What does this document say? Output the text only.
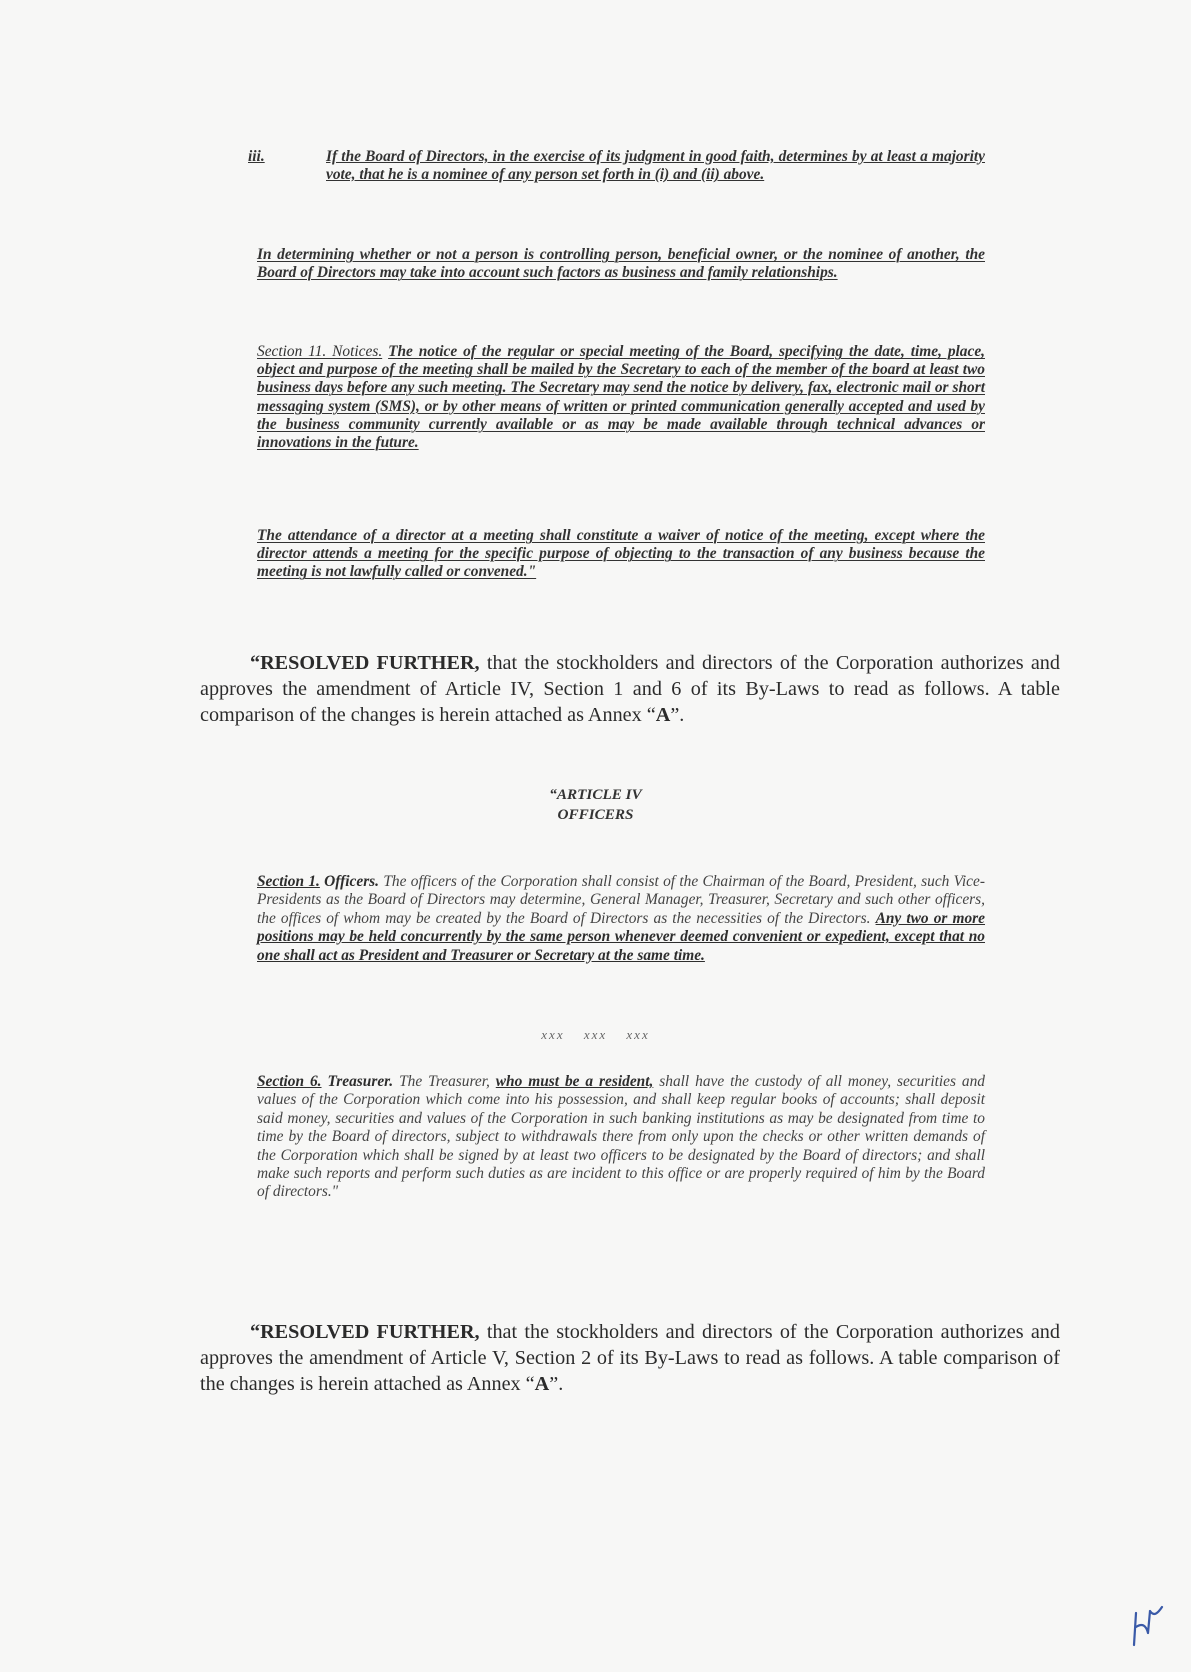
iii.	If the Board of Directors, in the exercise of its judgment in good faith, determines by at least a majority vote, that he is a nominee of any person set forth in (i) and (ii) above.
In determining whether or not a person is controlling person, beneficial owner, or the nominee of another, the Board of Directors may take into account such factors as business and family relationships.
Section 11. Notices. The notice of the regular or special meeting of the Board, specifying the date, time, place, object and purpose of the meeting shall be mailed by the Secretary to each of the member of the board at least two business days before any such meeting. The Secretary may send the notice by delivery, fax, electronic mail or short messaging system (SMS), or by other means of written or printed communication generally accepted and used by the business community currently available or as may be made available through technical advances or innovations in the future.
The attendance of a director at a meeting shall constitute a waiver of notice of the meeting, except where the director attends a meeting for the specific purpose of objecting to the transaction of any business because the meeting is not lawfully called or convened."
“RESOLVED FURTHER, that the stockholders and directors of the Corporation authorizes and approves the amendment of Article IV, Section 1 and 6 of its By-Laws to read as follows. A table comparison of the changes is herein attached as Annex “A”.
“ARTICLE IV
OFFICERS
Section 1. Officers. The officers of the Corporation shall consist of the Chairman of the Board, President, such Vice-Presidents as the Board of Directors may determine, General Manager, Treasurer, Secretary and such other officers, the offices of whom may be created by the Board of Directors as the necessities of the Directors. Any two or more positions may be held concurrently by the same person whenever deemed convenient or expedient, except that no one shall act as President and Treasurer or Secretary at the same time.
xxx xxx xxx
Section 6. Treasurer. The Treasurer, who must be a resident, shall have the custody of all money, securities and values of the Corporation which come into his possession, and shall keep regular books of accounts; shall deposit said money, securities and values of the Corporation in such banking institutions as may be designated from time to time by the Board of directors, subject to withdrawals there from only upon the checks or other written demands of the Corporation which shall be signed by at least two officers to be designated by the Board of directors; and shall make such reports and perform such duties as are incident to this office or are properly required of him by the Board of directors."
“RESOLVED FURTHER, that the stockholders and directors of the Corporation authorizes and approves the amendment of Article V, Section 2 of its By-Laws to read as follows. A table comparison of the changes is herein attached as Annex “A”.
